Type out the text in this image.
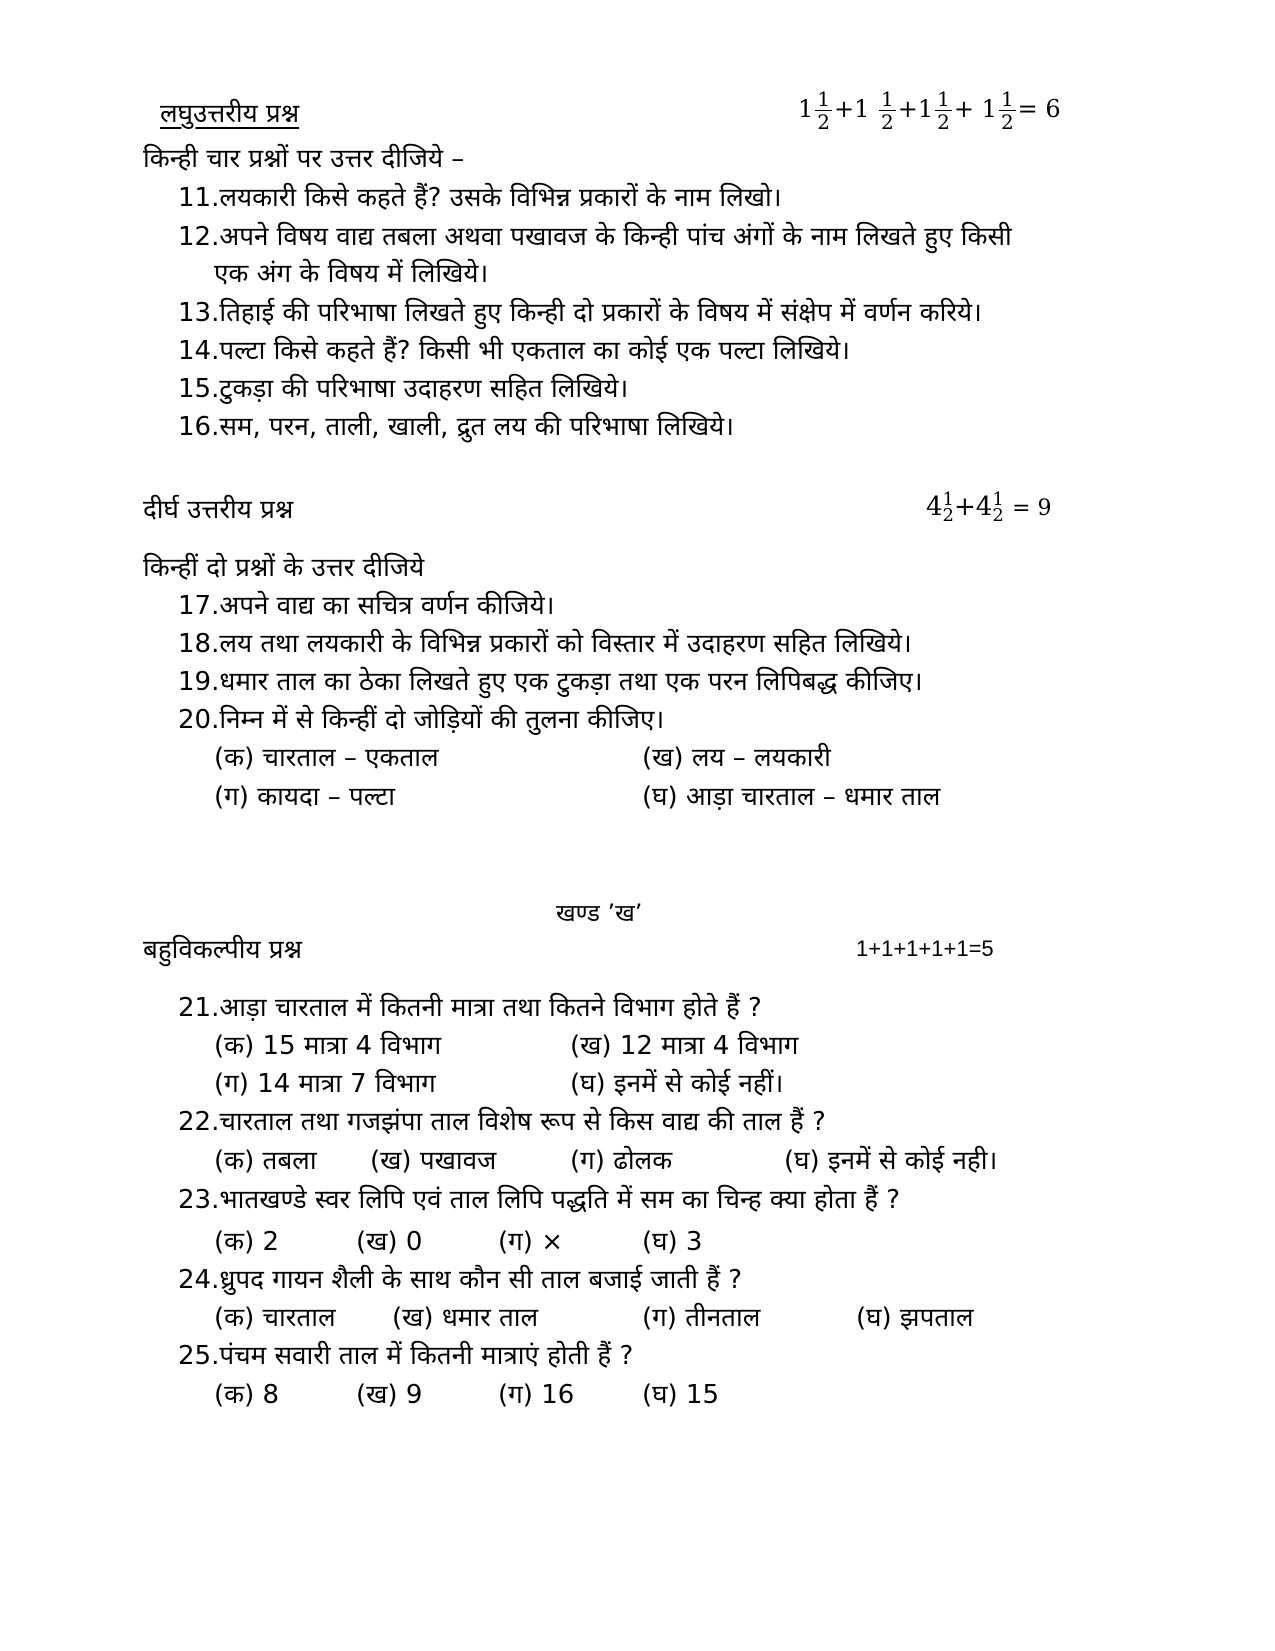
लघुउत्तरीय प्रश्न	$1 \frac{1}{2} +1 \frac{1}{2} +1 \frac{1}{2} + 1 \frac{1}{2} = 6$
किन्ही चार प्रश्नों पर उत्तर दीजिये –
11.लयकारी किसे कहते हैं? उसके विभिन्न प्रकारों के नाम लिखो।
12.अपने विषय वाद्य तबला अथवा पखावज के किन्ही पांच अंगों के नाम लिखते हुए किसी
एक अंग के विषय में लिखिये।
13.तिहाई की परिभाषा लिखते हुए किन्ही दो प्रकारों के विषय में संक्षेप में वर्णन करिये।
14.पल्टा किसे कहते हैं? किसी भी एकताल का कोई एक पल्टा लिखिये।
15.टुकड़ा की परिभाषा उदाहरण सहित लिखिये।
16.सम, परन, ताली, खाली, द्रुत लय की परिभाषा लिखिये।
दीर्घ उत्तरीय प्रश्न	4 1
2 +4 1
2 = 9
किन्हीं दो प्रश्नों के उत्तर दीजिये
17.अपने वाद्य का सचित्र वर्णन कीजिये।
18.लय तथा लयकारी के विभिन्न प्रकारों को विस्तार में उदाहरण सहित लिखिये।
19.धमार ताल का ठेका लिखते हुए एक टुकड़ा तथा एक परन लिपिबद्ध कीजिए।
20.निम्न में से किन्हीं दो जोड़ियों की तुलना कीजिए।
(क) चारताल – एकताल	(ख) लय – लयकारी
(ग) कायदा – पल्टा	(घ) आड़ा चारताल – धमार ताल
खण्ड ’ख’
बहुविकल्पीय प्रश्न	1+1+1+1+1=5
21.आड़ा चारताल में कितनी मात्रा तथा कितने विभाग होते हैं ?
(क) 15 मात्रा 4 विभाग	(ख) 12 मात्रा 4 विभाग
(ग) 14 मात्रा 7 विभाग	(घ) इनमें से कोई नहीं।
22.चारताल तथा गजझंपा ताल विशेष रूप से किस वाद्य की ताल हैं ?
(क) तबला (ख) पखावज	(ग) ढोलक	(घ) इनमें से कोई नही।
23.भातखण्डे स्वर लिपि एवं ताल लिपि पद्धति में सम का चिन्ह क्या होता हैं ?
(क) 2	(ख) 0	(ग) ×	(घ) 3
24.ध्रुपद गायन शैली के साथ कौन सी ताल बजाई जाती हैं ?
(क) चारताल (ख) धमार ताल	(ग) तीनताल	(घ) झपताल
25.पंचम सवारी ताल में कितनी मात्राएं होती हैं ?
(क) 8	(ख) 9	(ग) 16	(घ) 15
